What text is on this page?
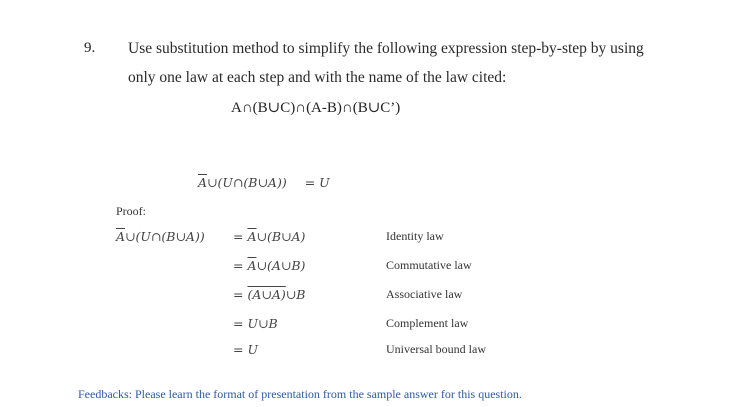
9. Use substitution method to simplify the following expression step-by-step by using
only one law at each step and with the name of the law cited:
A∩(B∪C)∩(A-B)∩(B∪C’)
$\overline{A}\cup(U\cap(B\cup A)) = U$
Proof:
$\overline{A}\cup(U\cap(B\cup A))$ = $\overline{A}\cup(B\cup A)$	Identity law
= $\overline{A}\cup(A\cup B)$	Commutative law
= (A∪A)∪B	Associative law
= U∪B	Complement law
= U	Universal bound law
Feedbacks: Please learn the format of presentation from the sample answer for this question.
